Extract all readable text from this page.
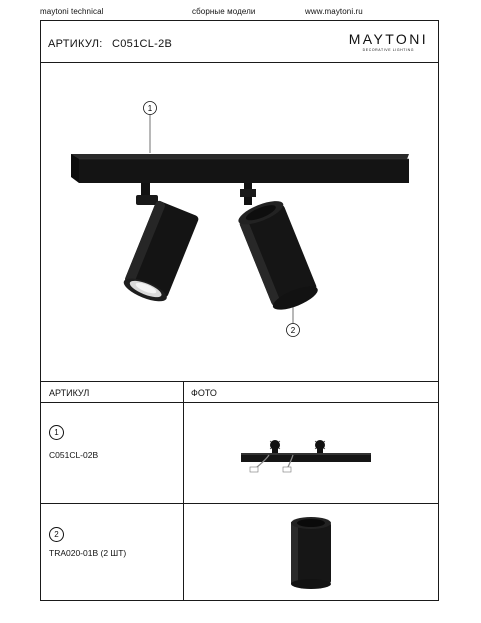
maytoni technical	сборные модели	www.maytoni.ru
АРТИКУЛ: C051CL-2B	MAYTONI
DECORATIVE LIGHTING
1
2
АРТИКУЛ	ФОТО
1
C051CL-02B
2
TRA020-01B (2 ШТ)
